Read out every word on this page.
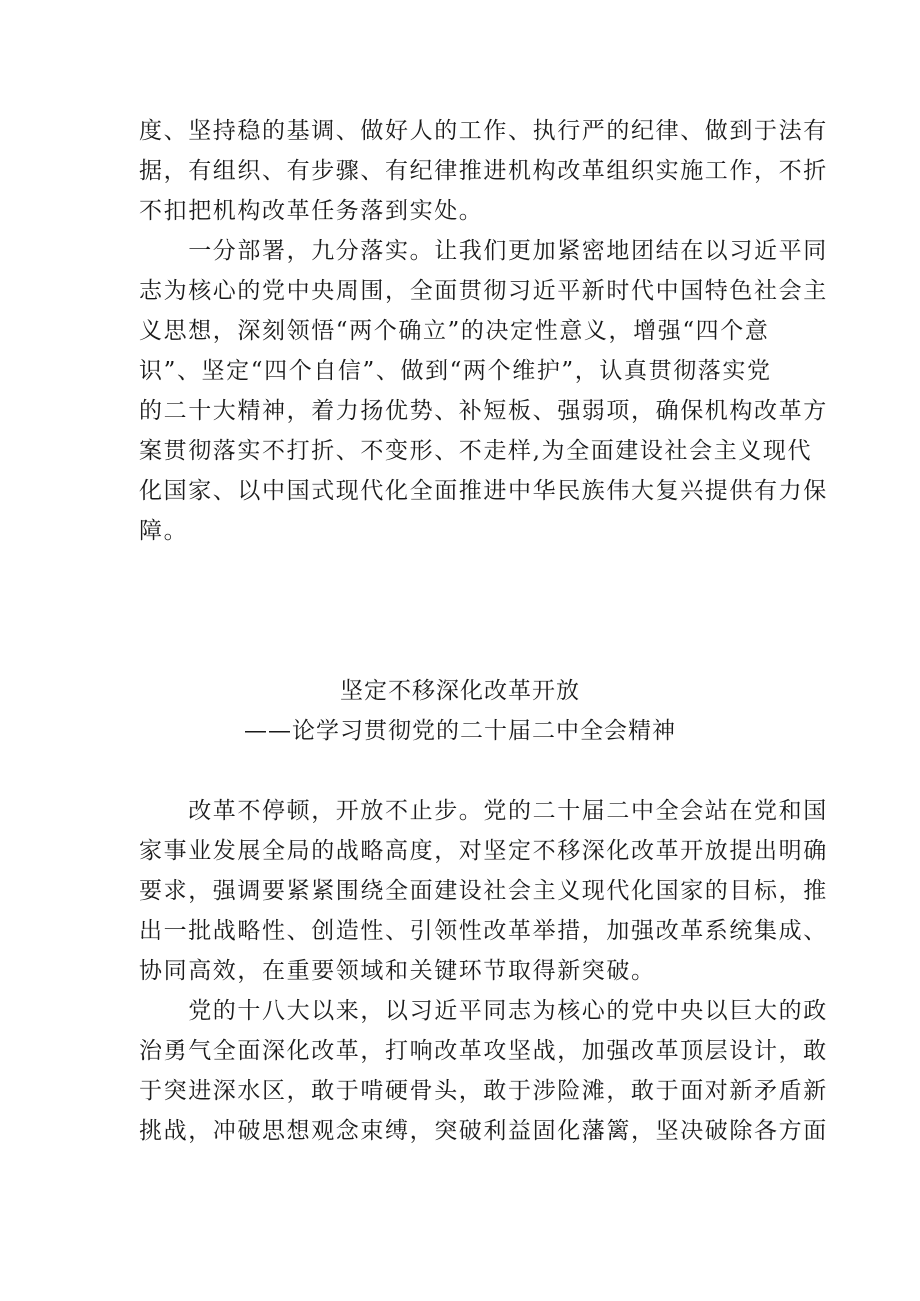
度、坚持稳的基调、做好人的工作、执行严的纪律、做到于法有
据，有组织、有步骤、有纪律推进机构改革组织实施工作，不折
不扣把机构改革任务落到实处。
　　一分部署，九分落实。让我们更加紧密地团结在以习近平同
志为核心的党中央周围，全面贯彻习近平新时代中国特色社会主
义思想，深刻领悟“两个确立”的决定性意义，增强“四个意
识”、坚定“四个自信”、做到“两个维护”，认真贯彻落实党
的二十大精神，着力扬优势、补短板、强弱项，确保机构改革方
案贯彻落实不打折、不变形、不走样,为全面建设社会主义现代
化国家、以中国式现代化全面推进中华民族伟大复兴提供有力保
障。
坚定不移深化改革开放
——论学习贯彻党的二十届二中全会精神
　　改革不停顿，开放不止步。党的二十届二中全会站在党和国
家事业发展全局的战略高度，对坚定不移深化改革开放提出明确
要求，强调要紧紧围绕全面建设社会主义现代化国家的目标，推
出一批战略性、创造性、引领性改革举措，加强改革系统集成、
协同高效，在重要领域和关键环节取得新突破。
　　党的十八大以来，以习近平同志为核心的党中央以巨大的政
治勇气全面深化改革，打响改革攻坚战，加强改革顶层设计，敢
于突进深水区，敢于啃硬骨头，敢于涉险滩，敢于面对新矛盾新
挑战，冲破思想观念束缚，突破利益固化藩篱，坚决破除各方面
